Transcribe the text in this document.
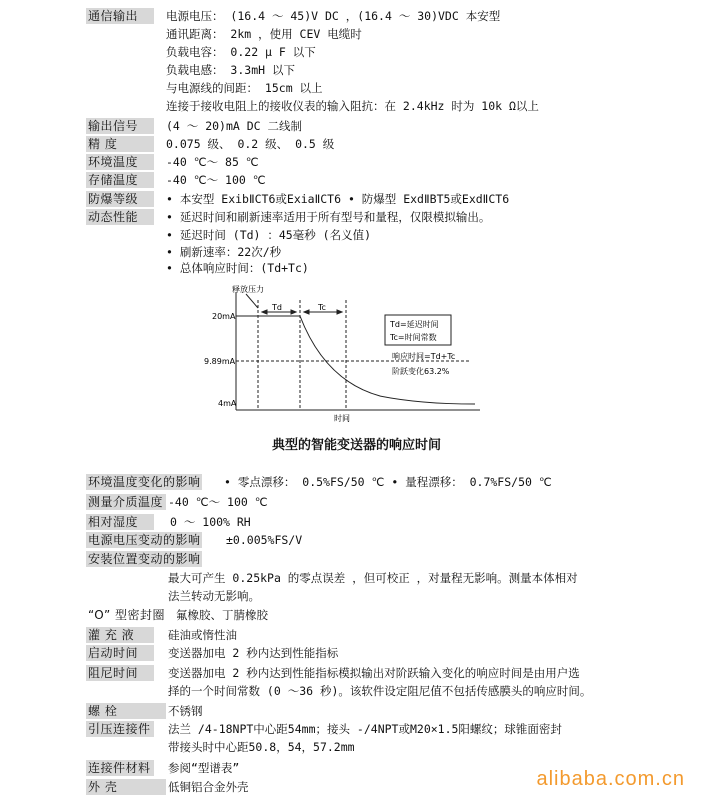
通信输出	电源电压： (16.4 ～ 45)V DC ，(16.4 ～ 30)VDC 本安型
通讯距离： 2km ，使用 CEV 电缆时
负载电容： 0.22 μ F 以下
负载电感： 3.3mH 以下
与电源线的间距： 15cm 以上
连接于接收电阻上的接收仪表的输入阻抗：在 2.4kHz 时为 10k Ω以上
输出信号	(4 ～ 20)mA DC 二线制
精 度	0.075 级、 0.2 级、 0.5 级
环境温度	-40 ℃～ 85 ℃
存储温度	-40 ℃～ 100 ℃
防爆等级	• 本安型 ExibⅡCT6或ExiaⅡCT6 • 防爆型 ExdⅡBT5或ExdⅡCT6
动态性能	• 延迟时间和刷新速率适用于所有型号和量程，仅限模拟输出。
• 延迟时间 (Td) ：45毫秒 (名义值)
• 刷新速率：22次/秒
• 总体响应时间：(Td+Tc)
环境温度变化的影响 • 零点漂移： 0.5%FS/50 ℃ • 量程漂移： 0.7%FS/50 ℃
测量介质温度 -40 ℃～ 100 ℃
相对湿度	0 ～ 100% RH
电源电压变动的影响 ±0.005%FS/V
安装位置变动的影响
最大可产生 0.25kPa 的零点误差 ，但可校正 ，对量程无影响。测量本体相对
法兰转动无影响。
“O” 型密封圈 氟橡胶、丁腈橡胶
灌 充 液	硅油或惰性油
启动时间	变送器加电 2 秒内达到性能指标
阻尼时间	变送器加电 2 秒内达到性能指标模拟输出对阶跃输入变化的响应时间是由用户选
择的一个时间常数 (0 ～36 秒)。该软件设定阻尼值不包括传感膜头的响应时间。
螺 栓	不锈钢
引压连接件	法兰 /4-18NPT中心距54mm；接头 -/4NPT或M20×1.5阳螺纹；球锥面密封
带接头时中心距50.8，54，57.2mm
连接件材料	参阅“型谱表”
外 壳	低铜铝合金外壳
释放压力
Td	Tc
20mA
9.89mA
4mA
Td=延迟时间
Tc=时间常数
响应时间=Td+Tc
阶跃变化63.2%
时间
典型的智能变送器的响应时间
alibaba.com.cn
